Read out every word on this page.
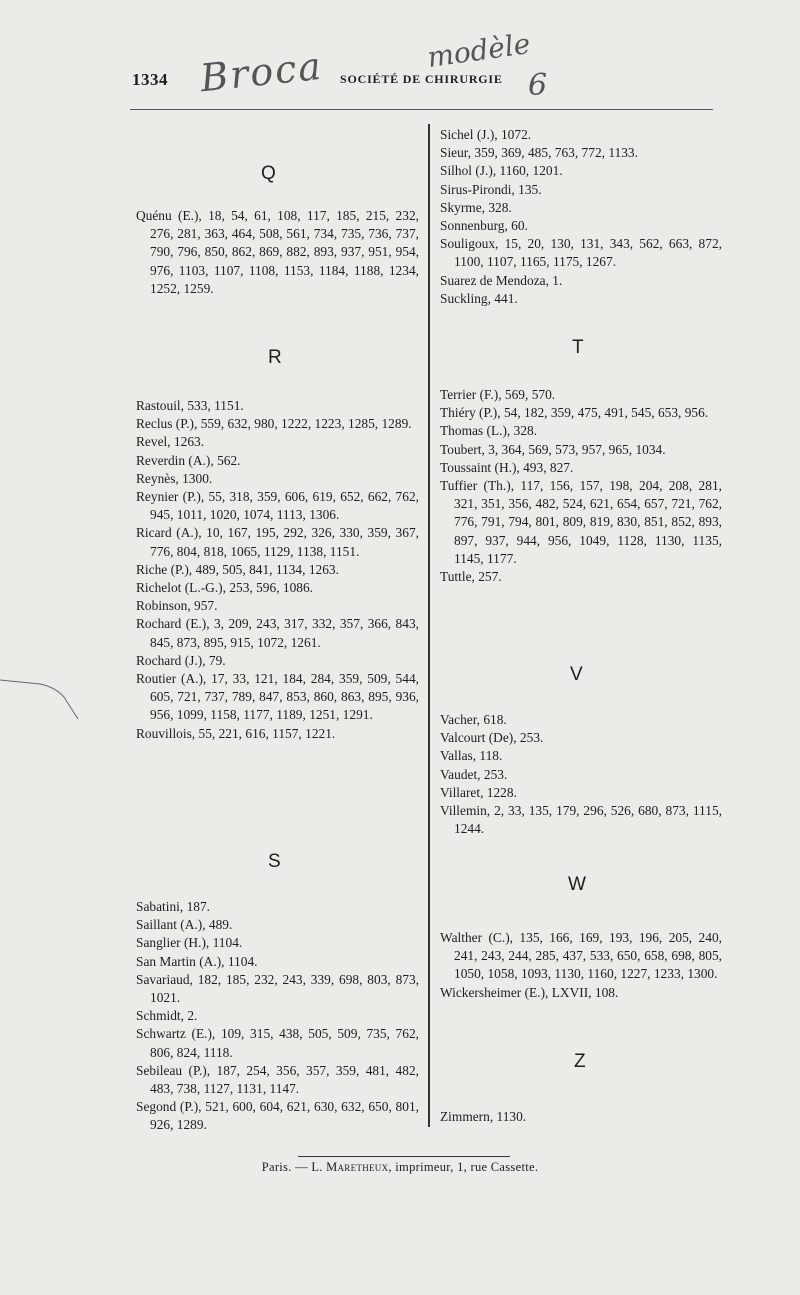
1334 Broca SOCIÉTÉ DE CHIRURGIE
modèle
6
Q

Quénu (E.), 18, 54, 61, 108, 117, 185, 215, 232, 276, 281, 363, 464, 508, 561, 734, 735, 736, 737, 790, 796, 850, 862, 869, 882, 893, 937, 951, 954, 976, 1103, 1107, 1108, 1153, 1184, 1188, 1234, 1252, 1259.

R

Rastouil, 533, 1151.

Reclus (P.), 559, 632, 980, 1222, 1223, 1285, 1289.

Revel, 1263.

Reverdin (A.), 562.

Reynès, 1300.

Reynier (P.), 55, 318, 359, 606, 619, 652, 662, 762, 945, 1011, 1020, 1074, 1113, 1306.

Ricard (A.), 10, 167, 195, 292, 326, 330, 359, 367, 776, 804, 818, 1065, 1129, 1138, 1151.

Riche (P.), 489, 505, 841, 1134, 1263.

Richelot (L.-G.), 253, 596, 1086.

Robinson, 957.

Rochard (E.), 3, 209, 243, 317, 332, 357, 366, 843, 845, 873, 895, 915, 1072, 1261.

Rochard (J.), 79.

Routier (A.), 17, 33, 121, 184, 284, 359, 509, 544, 605, 721, 737, 789, 847, 853, 860, 863, 895, 936, 956, 1099, 1158, 1177, 1189, 1251, 1291.

Rouvillois, 55, 221, 616, 1157, 1221.

S

Sabatini, 187.

Saillant (A.), 489.

Sanglier (H.), 1104.

San Martin (A.), 1104.

Savariaud, 182, 185, 232, 243, 339, 698, 803, 873, 1021.

Schmidt, 2.

Schwartz (E.), 109, 315, 438, 505, 509, 735, 762, 806, 824, 1118.

Sebileau (P.), 187, 254, 356, 357, 359, 481, 482, 483, 738, 1127, 1131, 1147.

Segond (P.), 521, 600, 604, 621, 630, 632, 650, 801, 926, 1289.

Sichel (J.), 1072.

Sieur, 359, 369, 485, 763, 772, 1133.

Silhol (J.), 1160, 1201.

Sirus-Pirondi, 135.

Skyrme, 328.

Sonnenburg, 60.

Souligoux, 15, 20, 130, 131, 343, 562, 663, 872, 1100, 1107, 1165, 1175, 1267.

Suarez de Mendoza, 1.

Suckling, 441.

T

Terrier (F.), 569, 570.

Thiéry (P.), 54, 182, 359, 475, 491, 545, 653, 956.

Thomas (L.), 328.

Toubert, 3, 364, 569, 573, 957, 965, 1034.

Toussaint (H.), 493, 827.

Tuffier (Th.), 117, 156, 157, 198, 204, 208, 281, 321, 351, 356, 482, 524, 621, 654, 657, 721, 762, 776, 791, 794, 801, 809, 819, 830, 851, 852, 893, 897, 937, 944, 956, 1049, 1128, 1130, 1135, 1145, 1177.

Tuttle, 257.

V

Vacher, 618.

Valcourt (De), 253.

Vallas, 118.

Vaudet, 253.

Villaret, 1228.

Villemin, 2, 33, 135, 179, 296, 526, 680, 873, 1115, 1244.

W

Walther (C.), 135, 166, 169, 193, 196, 205, 240, 241, 243, 244, 285, 437, 533, 650, 658, 698, 805, 1050, 1058, 1093, 1130, 1160, 1227, 1233, 1300.

Wickersheimer (E.), LXVII, 108.

Z

Zimmern, 1130.

Paris. — L. Maretheux, imprimeur, 1, rue Cassette.
